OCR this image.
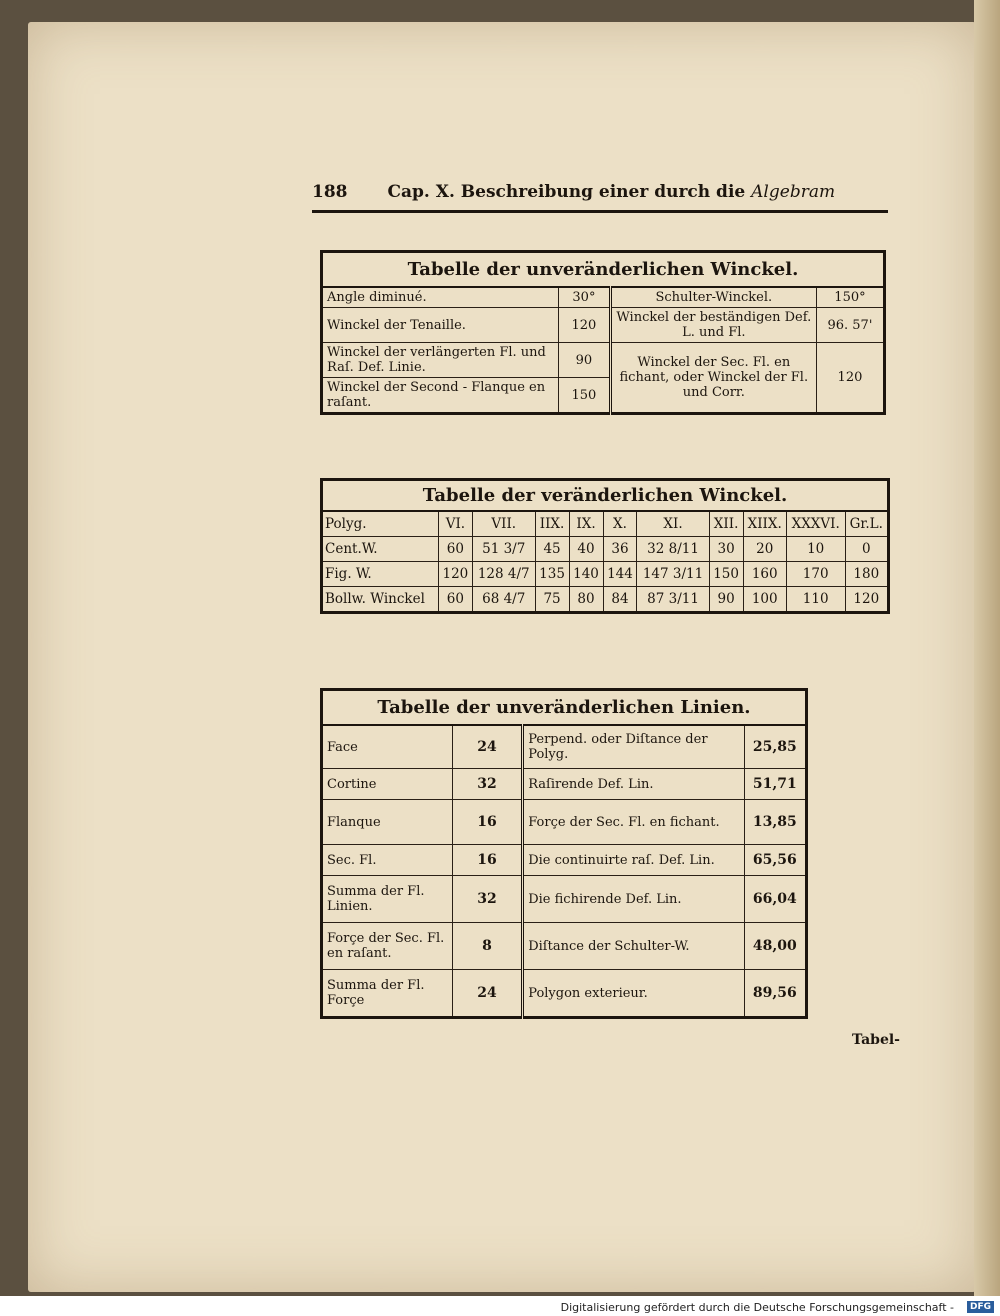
188 Cap. X. Beschreibung einer durch die Algebram
Tabelle der unveränderlichen Winckel.			
Angle diminué.	30°	Schulter-Winckel.	150°
Winckel der Tenaille.	120	Winckel der beständigen Def. L. und Fl.	96. 57'
Winckel der verlängerten Fl. und Raſ. Def. Linie.	90	Winckel der Sec. Fl. en fichant, oder Winckel der Fl. und Corr.	120
Winckel der Second - Flanque en raſant.	150		
Tabelle der veränderlichen Winckel.										
Polyg.	VI.	VII.	IIX.	IX.	X.	XI.	XII.	XIIX.	XXXVI.	Gr.L.
Cent.W.	60	51 3/7	45	40	36	32 8/11	30	20	10	0
Fig. W.	120	128 4/7	135	140	144	147 3/11	150	160	170	180
Bollw. Winckel	60	68 4/7	75	80	84	87 3/11	90	100	110	120
Tabelle der unveränderlichen Linien.			
Face	24	Perpend. oder Diſtance der Polyg.	25,85
Cortine	32	Raſirende Def. Lin.	51,71
Flanque	16	Forçe der Sec. Fl. en fichant.	13,85
Sec. Fl.	16	Die continuirte raſ. Def. Lin.	65,56
Summa der Fl. Linien.	32	Die fichirende Def. Lin.	66,04
Forçe der Sec. Fl. en raſant.	8	Diſtance der Schulter-W.	48,00
Summa der Fl. Forçe	24	Polygon exterieur.	89,56
Tabel-
Digitalisierung gefördert durch die Deutsche Forschungsgemeinschaft -	DFG
